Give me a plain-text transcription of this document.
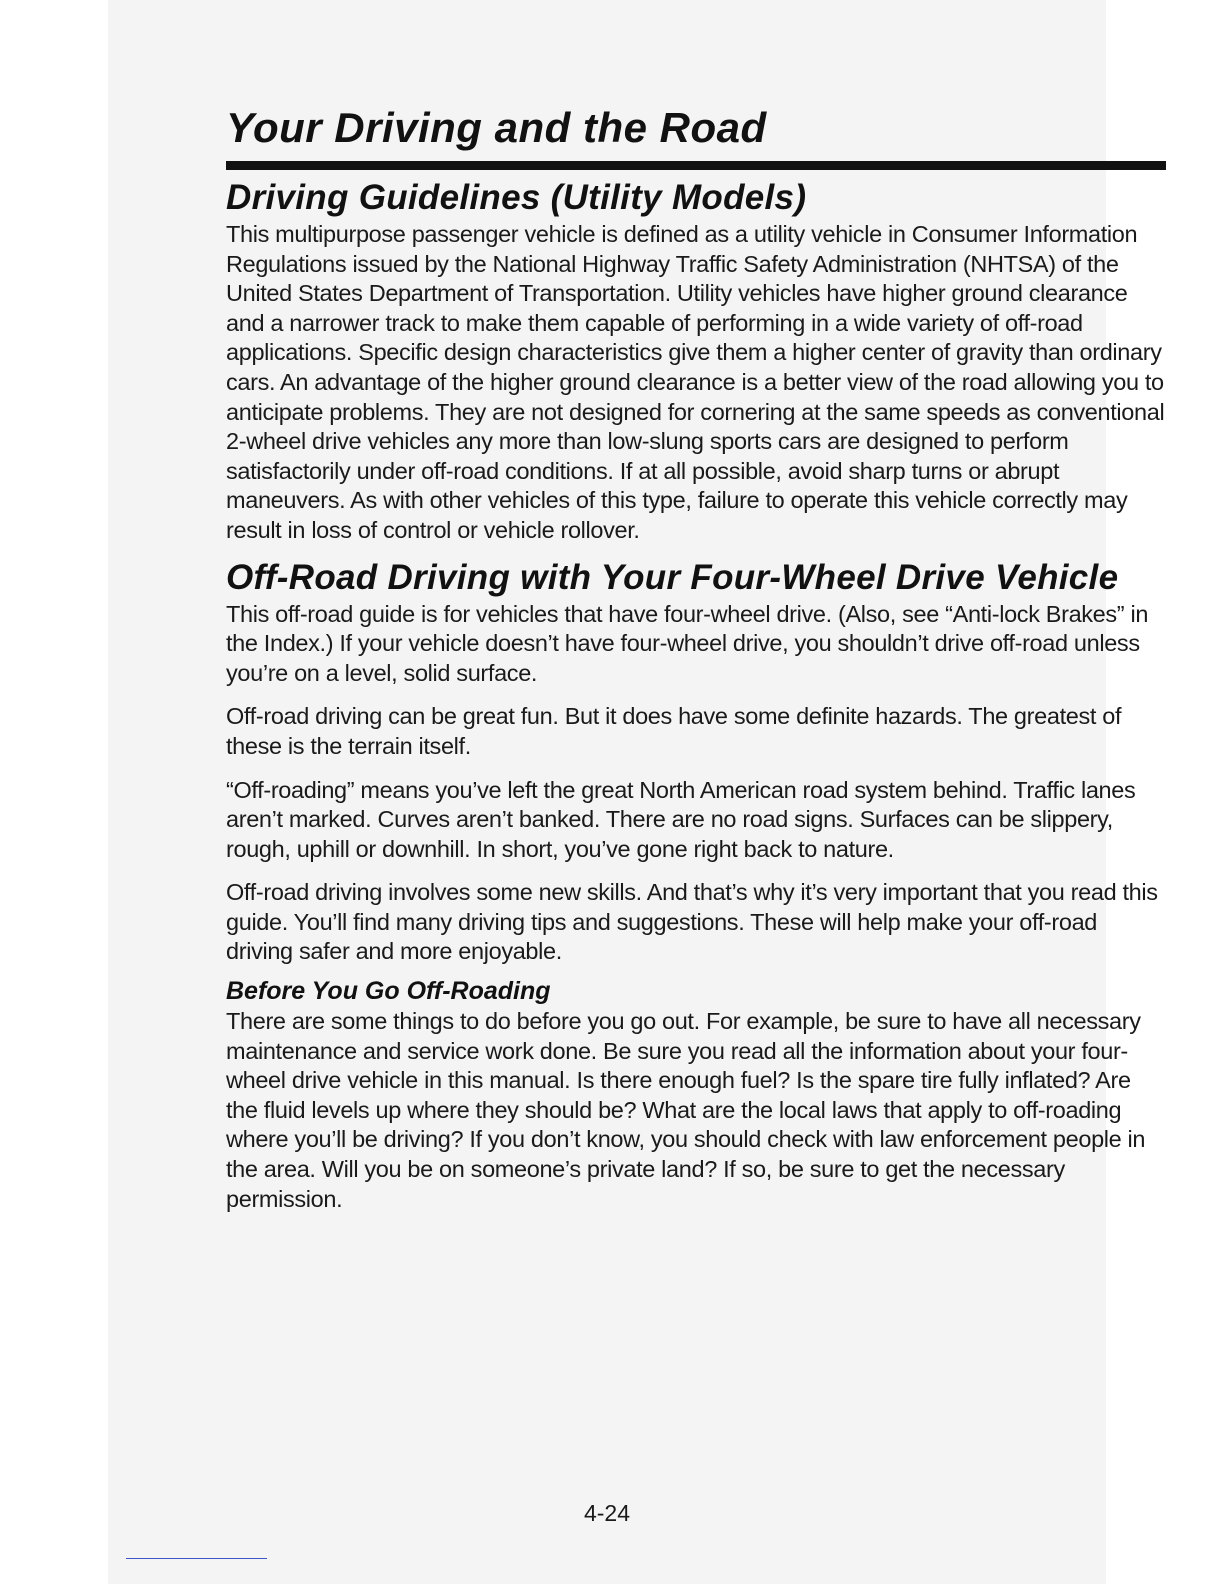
Your Driving and the Road
Driving Guidelines (Utility Models)

This multipurpose passenger vehicle is defined as a utility vehicle in Consumer Information Regulations issued by the National Highway Traffic Safety Administration (NHTSA) of the United States Department of Transportation. Utility vehicles have higher ground clearance and a narrower track to make them capable of performing in a wide variety of off-road applications. Specific design characteristics give them a higher center of gravity than ordinary cars. An advantage of the higher ground clearance is a better view of the road allowing you to anticipate problems. They are not designed for cornering at the same speeds as conventional 2-wheel drive vehicles any more than low-slung sports cars are designed to perform satisfactorily under off-road conditions. If at all possible, avoid sharp turns or abrupt maneuvers. As with other vehicles of this type, failure to operate this vehicle correctly may result in loss of control or vehicle rollover.

Off-Road Driving with Your Four-Wheel Drive Vehicle

This off-road guide is for vehicles that have four-wheel drive. (Also, see “Anti-lock Brakes” in the Index.) If your vehicle doesn’t have four-wheel drive, you shouldn’t drive off-road unless you’re on a level, solid surface.

Off-road driving can be great fun. But it does have some definite hazards. The greatest of these is the terrain itself.

“Off-roading” means you’ve left the great North American road system behind. Traffic lanes aren’t marked. Curves aren’t banked. There are no road signs. Surfaces can be slippery, rough, uphill or downhill. In short, you’ve gone right back to nature.

Off-road driving involves some new skills. And that’s why it’s very important that you read this guide. You’ll find many driving tips and suggestions. These will help make your off-road driving safer and more enjoyable.

Before You Go Off-Roading

There are some things to do before you go out. For example, be sure to have all necessary maintenance and service work done. Be sure you read all the information about your four-wheel drive vehicle in this manual. Is there enough fuel? Is the spare tire fully inflated? Are the fluid levels up where they should be? What are the local laws that apply to off-roading where you’ll be driving? If you don’t know, you should check with law enforcement people in the area. Will you be on someone’s private land? If so, be sure to get the necessary permission.

4-24
